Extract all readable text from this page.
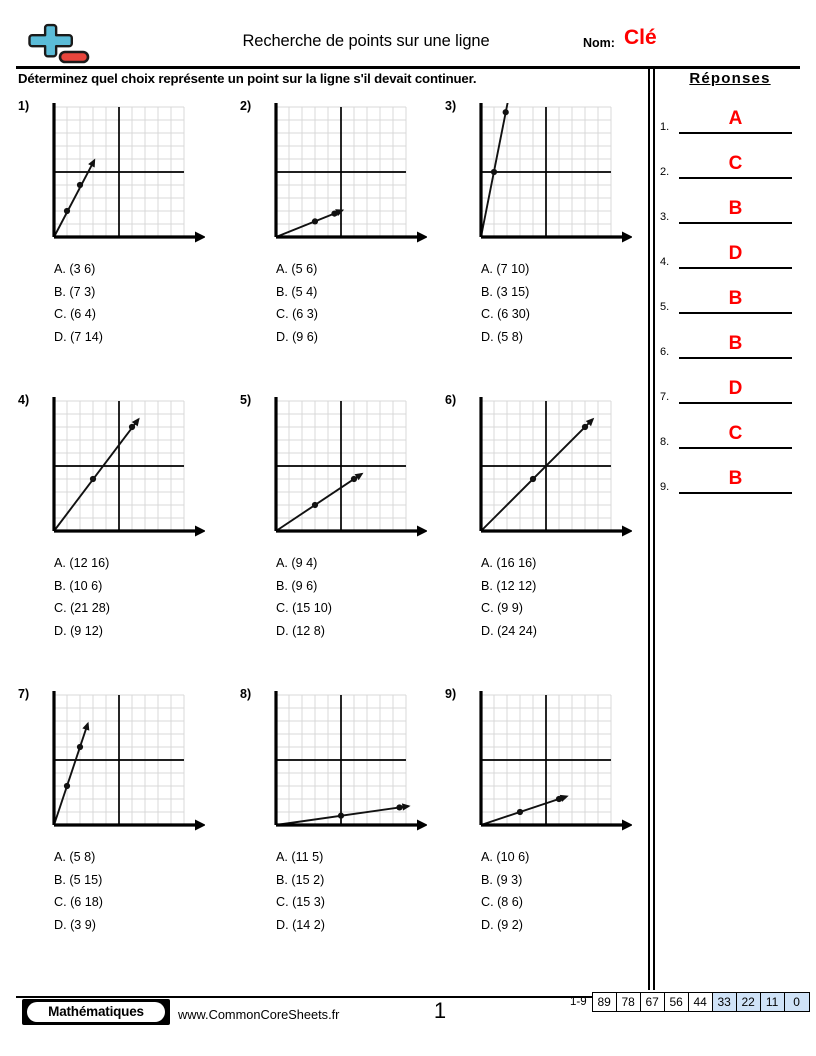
Recherche de points sur une ligne	Nom: Clé
Déterminez quel choix représente un point sur la ligne s'il devait continuer.	Réponses
1.	A
2.	C
3.	B
4.	D
5.	B
6.	B
7.	D
8.	C
9.	B
1)
A. (3 6)
B. (7 3)
C. (6 4)
D. (7 14)
2)
A. (5 6)
B. (5 4)
C. (6 3)
D. (9 6)
3)
A. (7 10)
B. (3 15)
C. (6 30)
D. (5 8)
4)
A. (12 16)
B. (10 6)
C. (21 28)
D. (9 12)
5)
A. (9 4)
B. (9 6)
C. (15 10)
D. (12 8)
6)
A. (16 16)
B. (12 12)
C. (9 9)
D. (24 24)
7)
A. (5 8)
B. (5 15)
C. (6 18)
D. (3 9)
8)
A. (11 5)
B. (15 2)
C. (15 3)
D. (14 2)
9)
A. (10 6)
B. (9 3)
C. (8 6)
D. (9 2)
Mathématiques	www.CommonCoreSheets.fr	1	1-9 89 78 67 56 44 33 22 11	0
